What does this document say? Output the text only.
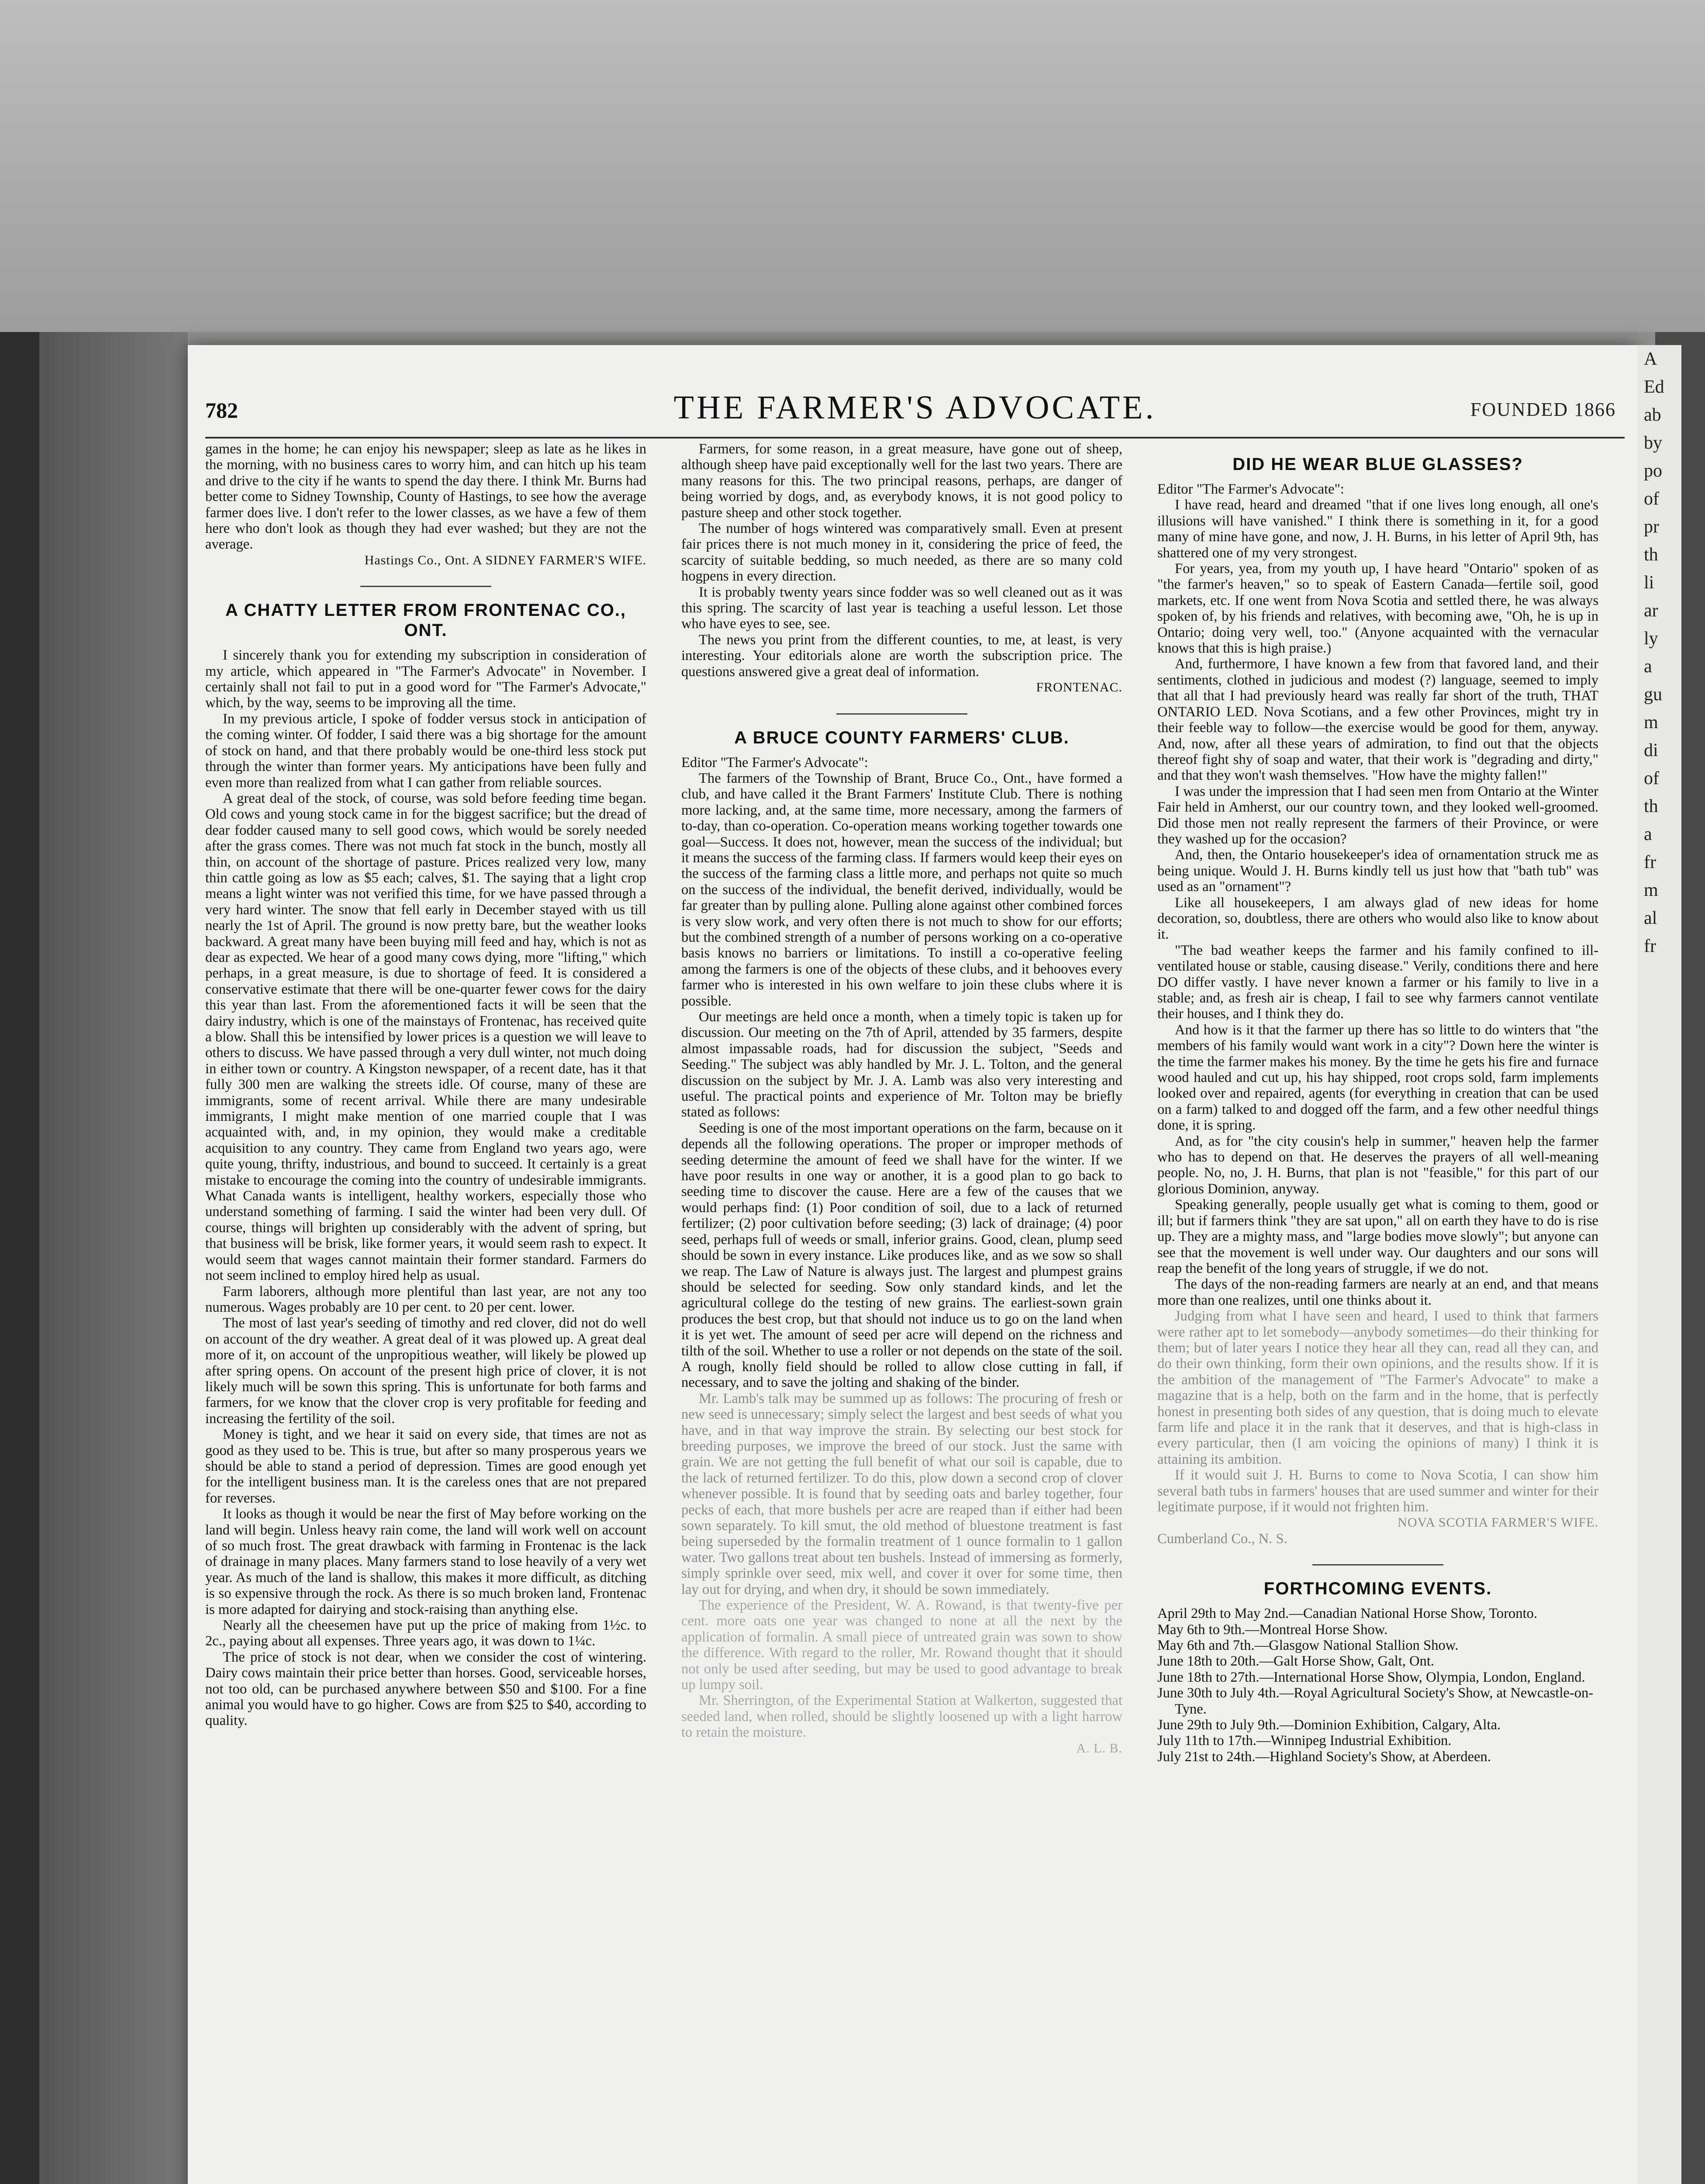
A
Ed
ab
by
po
of
pr
th
li
ar
ly
a
gu
m
di
of
th
a
fr
m
al
fr
782	THE FARMER'S ADVOCATE.	FOUNDED 1866

games in the home; he can enjoy his newspaper; sleep as late as he likes in the morning, with no business cares to worry him, and can hitch up his team and drive to the city if he wants to spend the day there. I think Mr. Burns had better come to Sidney Township, County of Hastings, to see how the average farmer does live. I don't refer to the lower classes, as we have a few of them here who don't look as though they had ever washed; but they are not the average.

Hastings Co., Ont. A SIDNEY FARMER'S WIFE.

A CHATTY LETTER FROM FRONTENAC CO., ONT.

I sincerely thank you for extending my subscription in consideration of my article, which appeared in "The Farmer's Advocate" in November. I certainly shall not fail to put in a good word for "The Farmer's Advocate," which, by the way, seems to be improving all the time.

In my previous article, I spoke of fodder versus stock in anticipation of the coming winter. Of fodder, I said there was a big shortage for the amount of stock on hand, and that there probably would be one-third less stock put through the winter than former years. My anticipations have been fully and even more than realized from what I can gather from reliable sources.

A great deal of the stock, of course, was sold before feeding time began. Old cows and young stock came in for the biggest sacrifice; but the dread of dear fodder caused many to sell good cows, which would be sorely needed after the grass comes. There was not much fat stock in the bunch, mostly all thin, on account of the shortage of pasture. Prices realized very low, many thin cattle going as low as $5 each; calves, $1. The saying that a light crop means a light winter was not verified this time, for we have passed through a very hard winter. The snow that fell early in December stayed with us till nearly the 1st of April. The ground is now pretty bare, but the weather looks backward. A great many have been buying mill feed and hay, which is not as dear as expected. We hear of a good many cows dying, more "lifting," which perhaps, in a great measure, is due to shortage of feed. It is considered a conservative estimate that there will be one-quarter fewer cows for the dairy this year than last. From the aforementioned facts it will be seen that the dairy industry, which is one of the mainstays of Frontenac, has received quite a blow. Shall this be intensified by lower prices is a question we will leave to others to discuss. We have passed through a very dull winter, not much doing in either town or country. A Kingston newspaper, of a recent date, has it that fully 300 men are walking the streets idle. Of course, many of these are immigrants, some of recent arrival. While there are many undesirable immigrants, I might make mention of one married couple that I was acquainted with, and, in my opinion, they would make a creditable acquisition to any country. They came from England two years ago, were quite young, thrifty, industrious, and bound to succeed. It certainly is a great mistake to encourage the coming into the country of undesirable immigrants. What Canada wants is intelligent, healthy workers, especially those who understand something of farming. I said the winter had been very dull. Of course, things will brighten up considerably with the advent of spring, but that business will be brisk, like former years, it would seem rash to expect. It would seem that wages cannot maintain their former standard. Farmers do not seem inclined to employ hired help as usual.

Farm laborers, although more plentiful than last year, are not any too numerous. Wages probably are 10 per cent. to 20 per cent. lower.

The most of last year's seeding of timothy and red clover, did not do well on account of the dry weather. A great deal of it was plowed up. A great deal more of it, on account of the unpropitious weather, will likely be plowed up after spring opens. On account of the present high price of clover, it is not likely much will be sown this spring. This is unfortunate for both farms and farmers, for we know that the clover crop is very profitable for feeding and increasing the fertility of the soil.

Money is tight, and we hear it said on every side, that times are not as good as they used to be. This is true, but after so many prosperous years we should be able to stand a period of depression. Times are good enough yet for the intelligent business man. It is the careless ones that are not prepared for reverses.

It looks as though it would be near the first of May before working on the land will begin. Unless heavy rain come, the land will work well on account of so much frost. The great drawback with farming in Frontenac is the lack of drainage in many places. Many farmers stand to lose heavily of a very wet year. As much of the land is shallow, this makes it more difficult, as ditching is so expensive through the rock. As there is so much broken land, Frontenac is more adapted for dairying and stock-raising than anything else.

Nearly all the cheesemen have put up the price of making from 1½c. to 2c., paying about all expenses. Three years ago, it was down to 1¼c.

The price of stock is not dear, when we consider the cost of wintering. Dairy cows maintain their price better than horses. Good, serviceable horses, not too old, can be purchased anywhere between $50 and $100. For a fine animal you would have to go higher. Cows are from $25 to $40, according to quality.

Farmers, for some reason, in a great measure, have gone out of sheep, although sheep have paid exceptionally well for the last two years. There are many reasons for this. The two principal reasons, perhaps, are danger of being worried by dogs, and, as everybody knows, it is not good policy to pasture sheep and other stock together.

The number of hogs wintered was comparatively small. Even at present fair prices there is not much money in it, considering the price of feed, the scarcity of suitable bedding, so much needed, as there are so many cold hogpens in every direction.

It is probably twenty years since fodder was so well cleaned out as it was this spring. The scarcity of last year is teaching a useful lesson. Let those who have eyes to see, see.

The news you print from the different counties, to me, at least, is very interesting. Your editorials alone are worth the subscription price. The questions answered give a great deal of information.

FRONTENAC.

A BRUCE COUNTY FARMERS' CLUB.

Editor "The Farmer's Advocate":

The farmers of the Township of Brant, Bruce Co., Ont., have formed a club, and have called it the Brant Farmers' Institute Club. There is nothing more lacking, and, at the same time, more necessary, among the farmers of to-day, than co-operation. Co-operation means working together towards one goal—Success. It does not, however, mean the success of the individual; but it means the success of the farming class. If farmers would keep their eyes on the success of the farming class a little more, and perhaps not quite so much on the success of the individual, the benefit derived, individually, would be far greater than by pulling alone. Pulling alone against other combined forces is very slow work, and very often there is not much to show for our efforts; but the combined strength of a number of persons working on a co-operative basis knows no barriers or limitations. To instill a co-operative feeling among the farmers is one of the objects of these clubs, and it behooves every farmer who is interested in his own welfare to join these clubs where it is possible.

Our meetings are held once a month, when a timely topic is taken up for discussion. Our meeting on the 7th of April, attended by 35 farmers, despite almost impassable roads, had for discussion the subject, "Seeds and Seeding." The subject was ably handled by Mr. J. L. Tolton, and the general discussion on the subject by Mr. J. A. Lamb was also very interesting and useful. The practical points and experience of Mr. Tolton may be briefly stated as follows:

Seeding is one of the most important operations on the farm, because on it depends all the following operations. The proper or improper methods of seeding determine the amount of feed we shall have for the winter. If we have poor results in one way or another, it is a good plan to go back to seeding time to discover the cause. Here are a few of the causes that we would perhaps find: (1) Poor condition of soil, due to a lack of returned fertilizer; (2) poor cultivation before seeding; (3) lack of drainage; (4) poor seed, perhaps full of weeds or small, inferior grains. Good, clean, plump seed should be sown in every instance. Like produces like, and as we sow so shall we reap. The Law of Nature is always just. The largest and plumpest grains should be selected for seeding. Sow only standard kinds, and let the agricultural college do the testing of new grains. The earliest-sown grain produces the best crop, but that should not induce us to go on the land when it is yet wet. The amount of seed per acre will depend on the richness and tilth of the soil. Whether to use a roller or not depends on the state of the soil. A rough, knolly field should be rolled to allow close cutting in fall, if necessary, and to save the jolting and shaking of the binder.

Mr. Lamb's talk may be summed up as follows: The procuring of fresh or new seed is unnecessary; simply select the largest and best seeds of what you have, and in that way improve the strain. By selecting our best stock for breeding purposes, we improve the breed of our stock. Just the same with grain. We are not getting the full benefit of what our soil is capable, due to the lack of returned fertilizer. To do this, plow down a second crop of clover whenever possible. It is found that by seeding oats and barley together, four pecks of each, that more bushels per acre are reaped than if either had been sown separately. To kill smut, the old method of bluestone treatment is fast being superseded by the formalin treatment of 1 ounce formalin to 1 gallon water. Two gallons treat about ten bushels. Instead of immersing as formerly, simply sprinkle over seed, mix well, and cover it over for some time, then lay out for drying, and when dry, it should be sown immediately.

The experience of the President, W. A. Rowand, is that twenty-five per cent. more oats one year was changed to none at all the next by the application of formalin. A small piece of untreated grain was sown to show the difference. With regard to the roller, Mr. Rowand thought that it should not only be used after seeding, but may be used to good advantage to break up lumpy soil.

Mr. Sherrington, of the Experimental Station at Walkerton, suggested that seeded land, when rolled, should be slightly loosened up with a light harrow to retain the moisture.

A. L. B.

DID HE WEAR BLUE GLASSES?

Editor "The Farmer's Advocate":

I have read, heard and dreamed "that if one lives long enough, all one's illusions will have vanished." I think there is something in it, for a good many of mine have gone, and now, J. H. Burns, in his letter of April 9th, has shattered one of my very strongest.

For years, yea, from my youth up, I have heard "Ontario" spoken of as "the farmer's heaven," so to speak of Eastern Canada—fertile soil, good markets, etc. If one went from Nova Scotia and settled there, he was always spoken of, by his friends and relatives, with becoming awe, "Oh, he is up in Ontario; doing very well, too." (Anyone acquainted with the vernacular knows that this is high praise.)

And, furthermore, I have known a few from that favored land, and their sentiments, clothed in judicious and modest (?) language, seemed to imply that all that I had previously heard was really far short of the truth, THAT ONTARIO LED. Nova Scotians, and a few other Provinces, might try in their feeble way to follow—the exercise would be good for them, anyway. And, now, after all these years of admiration, to find out that the objects thereof fight shy of soap and water, that their work is "degrading and dirty," and that they won't wash themselves. "How have the mighty fallen!"

I was under the impression that I had seen men from Ontario at the Winter Fair held in Amherst, our our country town, and they looked well-groomed. Did those men not really represent the farmers of their Province, or were they washed up for the occasion?

And, then, the Ontario housekeeper's idea of ornamentation struck me as being unique. Would J. H. Burns kindly tell us just how that "bath tub" was used as an "ornament"?

Like all housekeepers, I am always glad of new ideas for home decoration, so, doubtless, there are others who would also like to know about it.

"The bad weather keeps the farmer and his family confined to ill-ventilated house or stable, causing disease." Verily, conditions there and here DO differ vastly. I have never known a farmer or his family to live in a stable; and, as fresh air is cheap, I fail to see why farmers cannot ventilate their houses, and I think they do.

And how is it that the farmer up there has so little to do winters that "the members of his family would want work in a city"? Down here the winter is the time the farmer makes his money. By the time he gets his fire and furnace wood hauled and cut up, his hay shipped, root crops sold, farm implements looked over and repaired, agents (for everything in creation that can be used on a farm) talked to and dogged off the farm, and a few other needful things done, it is spring.

And, as for "the city cousin's help in summer," heaven help the farmer who has to depend on that. He deserves the prayers of all well-meaning people. No, no, J. H. Burns, that plan is not "feasible," for this part of our glorious Dominion, anyway.

Speaking generally, people usually get what is coming to them, good or ill; but if farmers think "they are sat upon," all on earth they have to do is rise up. They are a mighty mass, and "large bodies move slowly"; but anyone can see that the movement is well under way. Our daughters and our sons will reap the benefit of the long years of struggle, if we do not.

The days of the non-reading farmers are nearly at an end, and that means more than one realizes, until one thinks about it.

Judging from what I have seen and heard, I used to think that farmers were rather apt to let somebody—anybody sometimes—do their thinking for them; but of later years I notice they hear all they can, read all they can, and do their own thinking, form their own opinions, and the results show. If it is the ambition of the management of "The Farmer's Advocate" to make a magazine that is a help, both on the farm and in the home, that is perfectly honest in presenting both sides of any question, that is doing much to elevate farm life and place it in the rank that it deserves, and that is high-class in every particular, then (I am voicing the opinions of many) I think it is attaining its ambition.

If it would suit J. H. Burns to come to Nova Scotia, I can show him several bath tubs in farmers' houses that are used summer and winter for their legitimate purpose, if it would not frighten him.

NOVA SCOTIA FARMER'S WIFE.

Cumberland Co., N. S.

FORTHCOMING EVENTS.

April 29th to May 2nd.—Canadian National Horse Show, Toronto.

May 6th to 9th.—Montreal Horse Show.

May 6th and 7th.—Glasgow National Stallion Show.

June 18th to 20th.—Galt Horse Show, Galt, Ont.

June 18th to 27th.—International Horse Show, Olympia, London, England.

June 30th to July 4th.—Royal Agricultural Society's Show, at Newcastle-on-Tyne.

June 29th to July 9th.—Dominion Exhibition, Calgary, Alta.

July 11th to 17th.—Winnipeg Industrial Exhibition.

July 21st to 24th.—Highland Society's Show, at Aberdeen.
